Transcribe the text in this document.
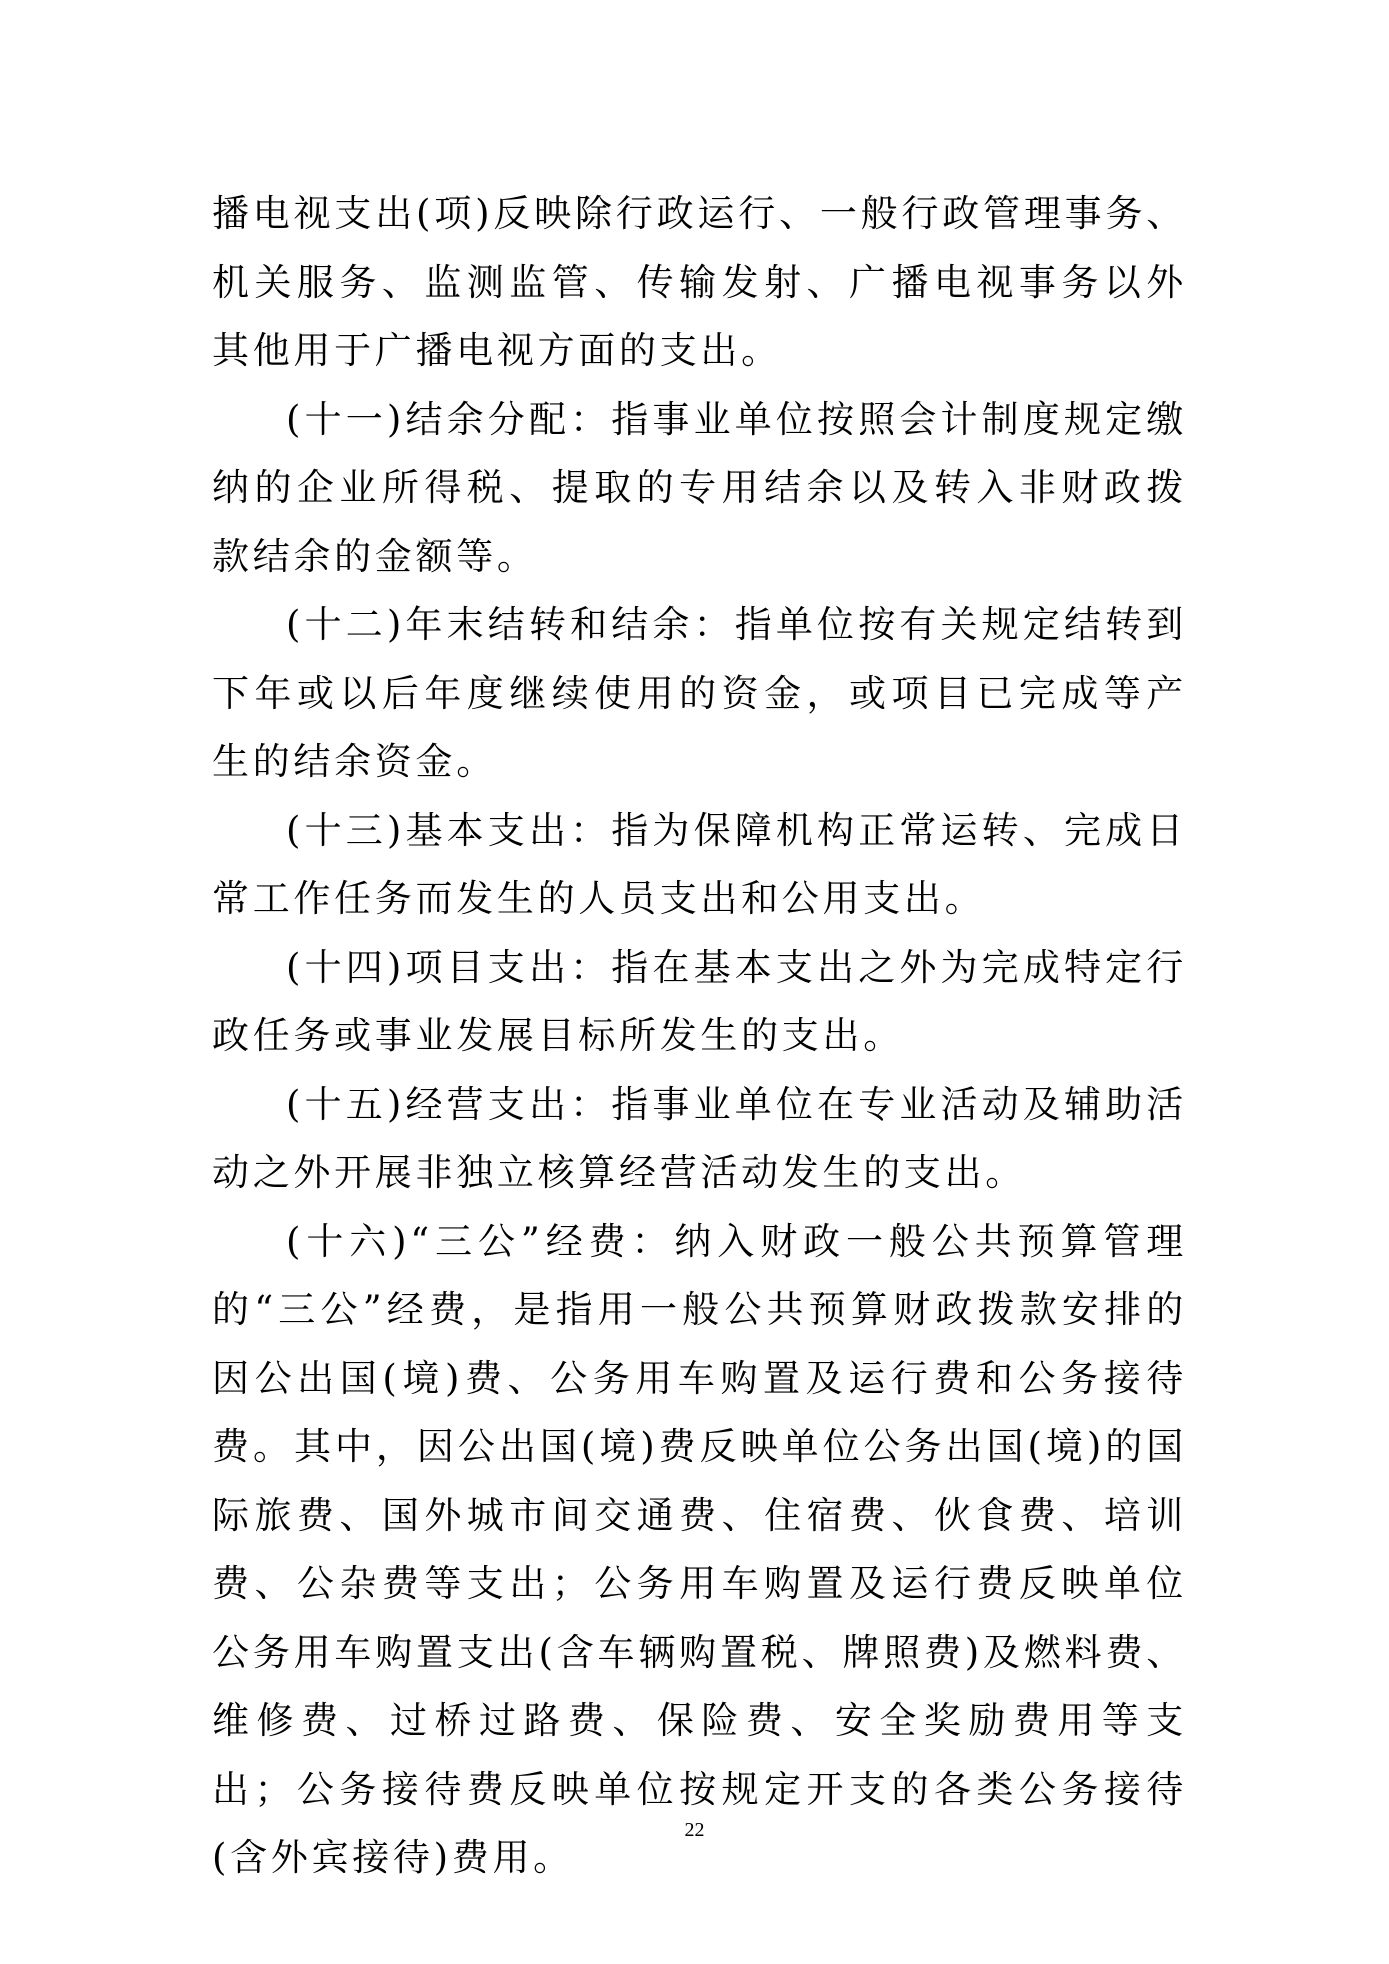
播电视支出(项)反映除行政运行、一般行政管理事务、机关服务、监测监管、传输发射、广播电视事务以外其他用于广播电视方面的支出。

(十一)结余分配：指事业单位按照会计制度规定缴纳的企业所得税、提取的专用结余以及转入非财政拨款结余的金额等。

(十二)年末结转和结余：指单位按有关规定结转到下年或以后年度继续使用的资金，或项目已完成等产生的结余资金。

(十三)基本支出：指为保障机构正常运转、完成日常工作任务而发生的人员支出和公用支出。

(十四)项目支出：指在基本支出之外为完成特定行政任务或事业发展目标所发生的支出。

(十五)经营支出：指事业单位在专业活动及辅助活动之外开展非独立核算经营活动发生的支出。

(十六)“三公”经费：纳入财政一般公共预算管理的“三公”经费，是指用一般公共预算财政拨款安排的因公出国(境)费、公务用车购置及运行费和公务接待费。其中，因公出国(境)费反映单位公务出国(境)的国际旅费、国外城市间交通费、住宿费、伙食费、培训费、公杂费等支出；公务用车购置及运行费反映单位公务用车购置支出(含车辆购置税、牌照费)及燃料费、维修费、过桥过路费、保险费、安全奖励费用等支出；公务接待费反映单位按规定开支的各类公务接待(含外宾接待)费用。

22
